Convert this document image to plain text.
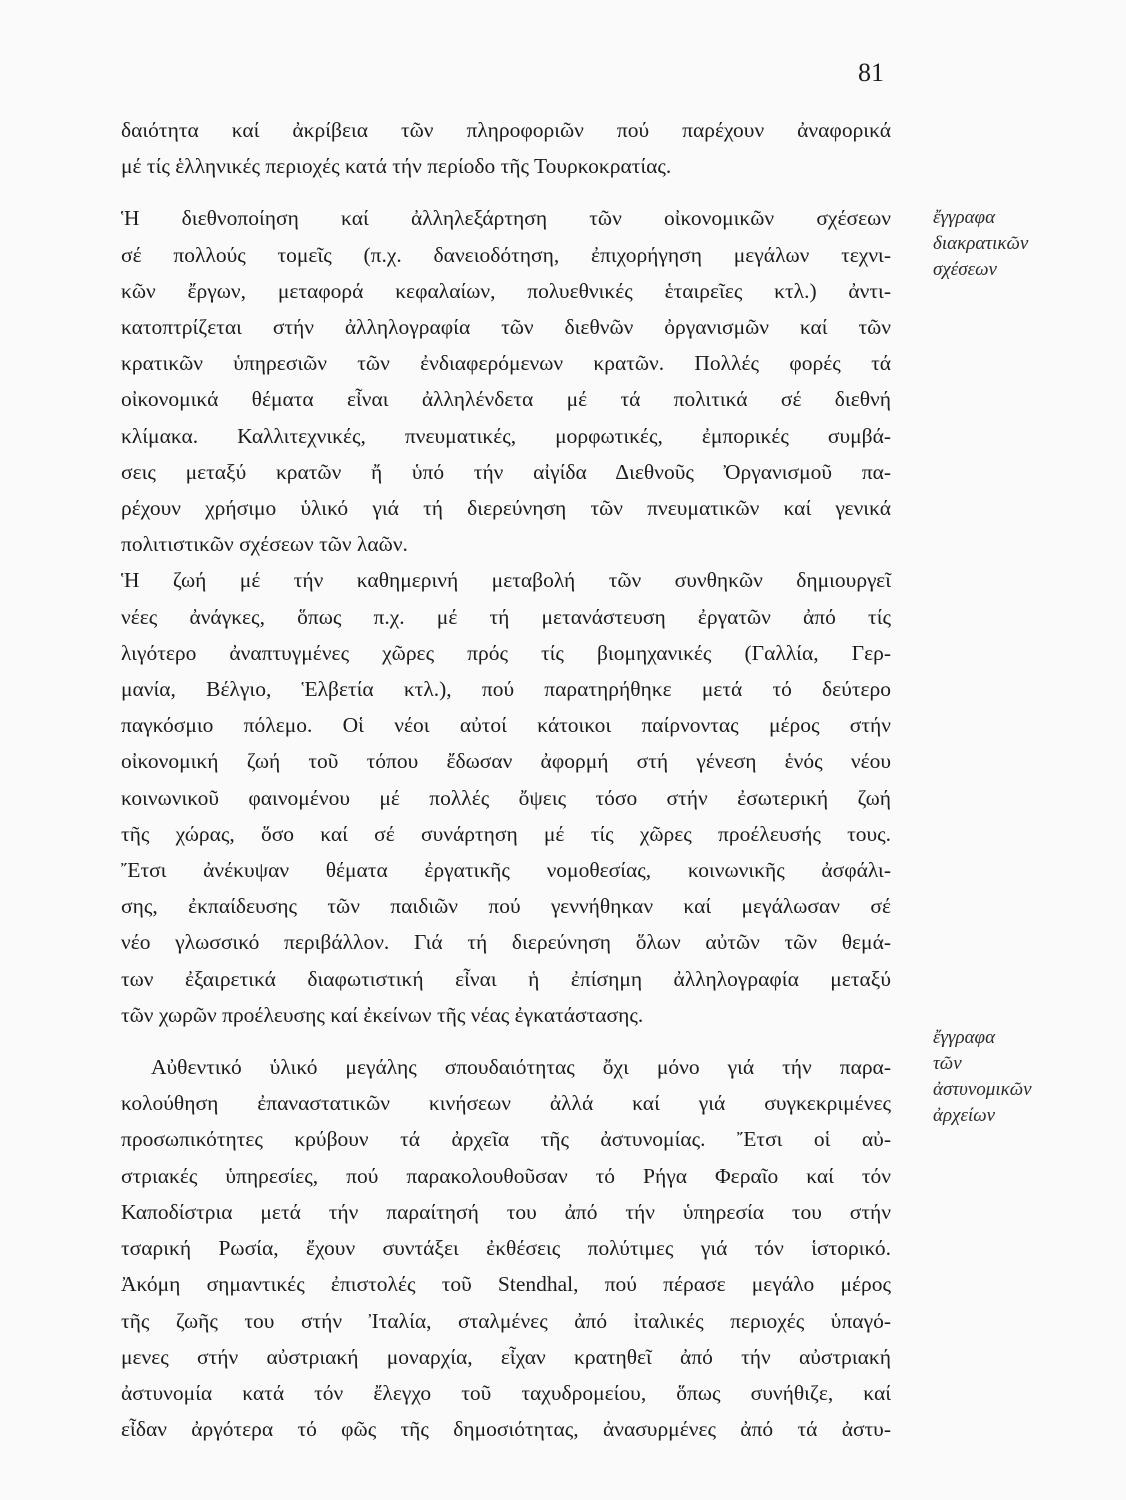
81

δαιότητα καί ἀκρίβεια τῶν πληροφοριῶν πού παρέχουν ἀναφορικά
μέ τίς ἑλληνικές περιοχές κατά τήν περίοδο τῆς Τουρκοκρατίας.

Ἡ διεθνοποίηση καί ἀλληλεξάρτηση τῶν οἰκονομικῶν σχέσεων
σέ πολλούς τομεῖς (π.χ. δανειοδότηση, ἐπιχορήγηση μεγάλων τεχνι-
κῶν ἔργων, μεταφορά κεφαλαίων, πολυεθνικές ἑταιρεῖες κτλ.) ἀντι-
κατοπτρίζεται στήν ἀλληλογραφία τῶν διεθνῶν ὀργανισμῶν καί τῶν
κρατικῶν ὑπηρεσιῶν τῶν ἐνδιαφερόμενων κρατῶν. Πολλές φορές τά
οἰκονομικά θέματα εἶναι ἀλληλένδετα μέ τά πολιτικά σέ διεθνή
κλίμακα. Καλλιτεχνικές, πνευματικές, μορφωτικές, ἐμπορικές συμβά-
σεις μεταξύ κρατῶν ἤ ὑπό τήν αἰγίδα Διεθνοῦς Ὀργανισμοῦ πα-
ρέχουν χρήσιμο ὑλικό γιά τή διερεύνηση τῶν πνευματικῶν καί γενικά
πολιτιστικῶν σχέσεων τῶν λαῶν.

Ἡ ζωή μέ τήν καθημερινή μεταβολή τῶν συνθηκῶν δημιουργεῖ
νέες ἀνάγκες, ὅπως π.χ. μέ τή μετανάστευση ἐργατῶν ἀπό τίς
λιγότερο ἀναπτυγμένες χῶρες πρός τίς βιομηχανικές (Γαλλία, Γερ-
μανία, Βέλγιο, Ἑλβετία κτλ.), πού παρατηρήθηκε μετά τό δεύτερο
παγκόσμιο πόλεμο. Οἱ νέοι αὐτοί κάτοικοι παίρνοντας μέρος στήν
οἰκονομική ζωή τοῦ τόπου ἔδωσαν ἀφορμή στή γένεση ἑνός νέου
κοινωνικοῦ φαινομένου μέ πολλές ὄψεις τόσο στήν ἐσωτερική ζωή
τῆς χώρας, ὅσο καί σέ συνάρτηση μέ τίς χῶρες προέλευσής τους.
Ἔτσι ἀνέκυψαν θέματα ἐργατικῆς νομοθεσίας, κοινωνικῆς ἀσφάλι-
σης, ἐκπαίδευσης τῶν παιδιῶν πού γεννήθηκαν καί μεγάλωσαν σέ
νέο γλωσσικό περιβάλλον. Γιά τή διερεύνηση ὅλων αὐτῶν τῶν θεμά-
των ἐξαιρετικά διαφωτιστική εἶναι ἡ ἐπίσημη ἀλληλογραφία μεταξύ
τῶν χωρῶν προέλευσης καί ἐκείνων τῆς νέας ἐγκατάστασης.

Αὐθεντικό ὑλικό μεγάλης σπουδαιότητας ὄχι μόνο γιά τήν παρα-
κολούθηση ἐπαναστατικῶν κινήσεων ἀλλά καί γιά συγκεκριμένες
προσωπικότητες κρύβουν τά ἀρχεῖα τῆς ἀστυνομίας. Ἔτσι οἱ αὐ-
στριακές ὑπηρεσίες, πού παρακολουθοῦσαν τό Ρήγα Φεραῖο καί τόν
Καποδίστρια μετά τήν παραίτησή του ἀπό τήν ὑπηρεσία του στήν
τσαρική Ρωσία, ἔχουν συντάξει ἐκθέσεις πολύτιμες γιά τόν ἱστορικό.
Ἀκόμη σημαντικές ἐπιστολές τοῦ Stendhal, πού πέρασε μεγάλο μέρος
τῆς ζωῆς του στήν Ἰταλία, σταλμένες ἀπό ἰταλικές περιοχές ὑπαγό-
μενες στήν αὐστριακή μοναρχία, εἶχαν κρατηθεῖ ἀπό τήν αὐστριακή
ἀστυνομία κατά τόν ἔλεγχο τοῦ ταχυδρομείου, ὅπως συνήθιζε, καί
εἶδαν ἀργότερα τό φῶς τῆς δημοσιότητας, ἀνασυρμένες ἀπό τά ἀστυ-

ἔγγραφα
διακρατικῶν
σχέσεων
ἔγγραφα
τῶν
ἀστυνομικῶν
ἀρχείων
